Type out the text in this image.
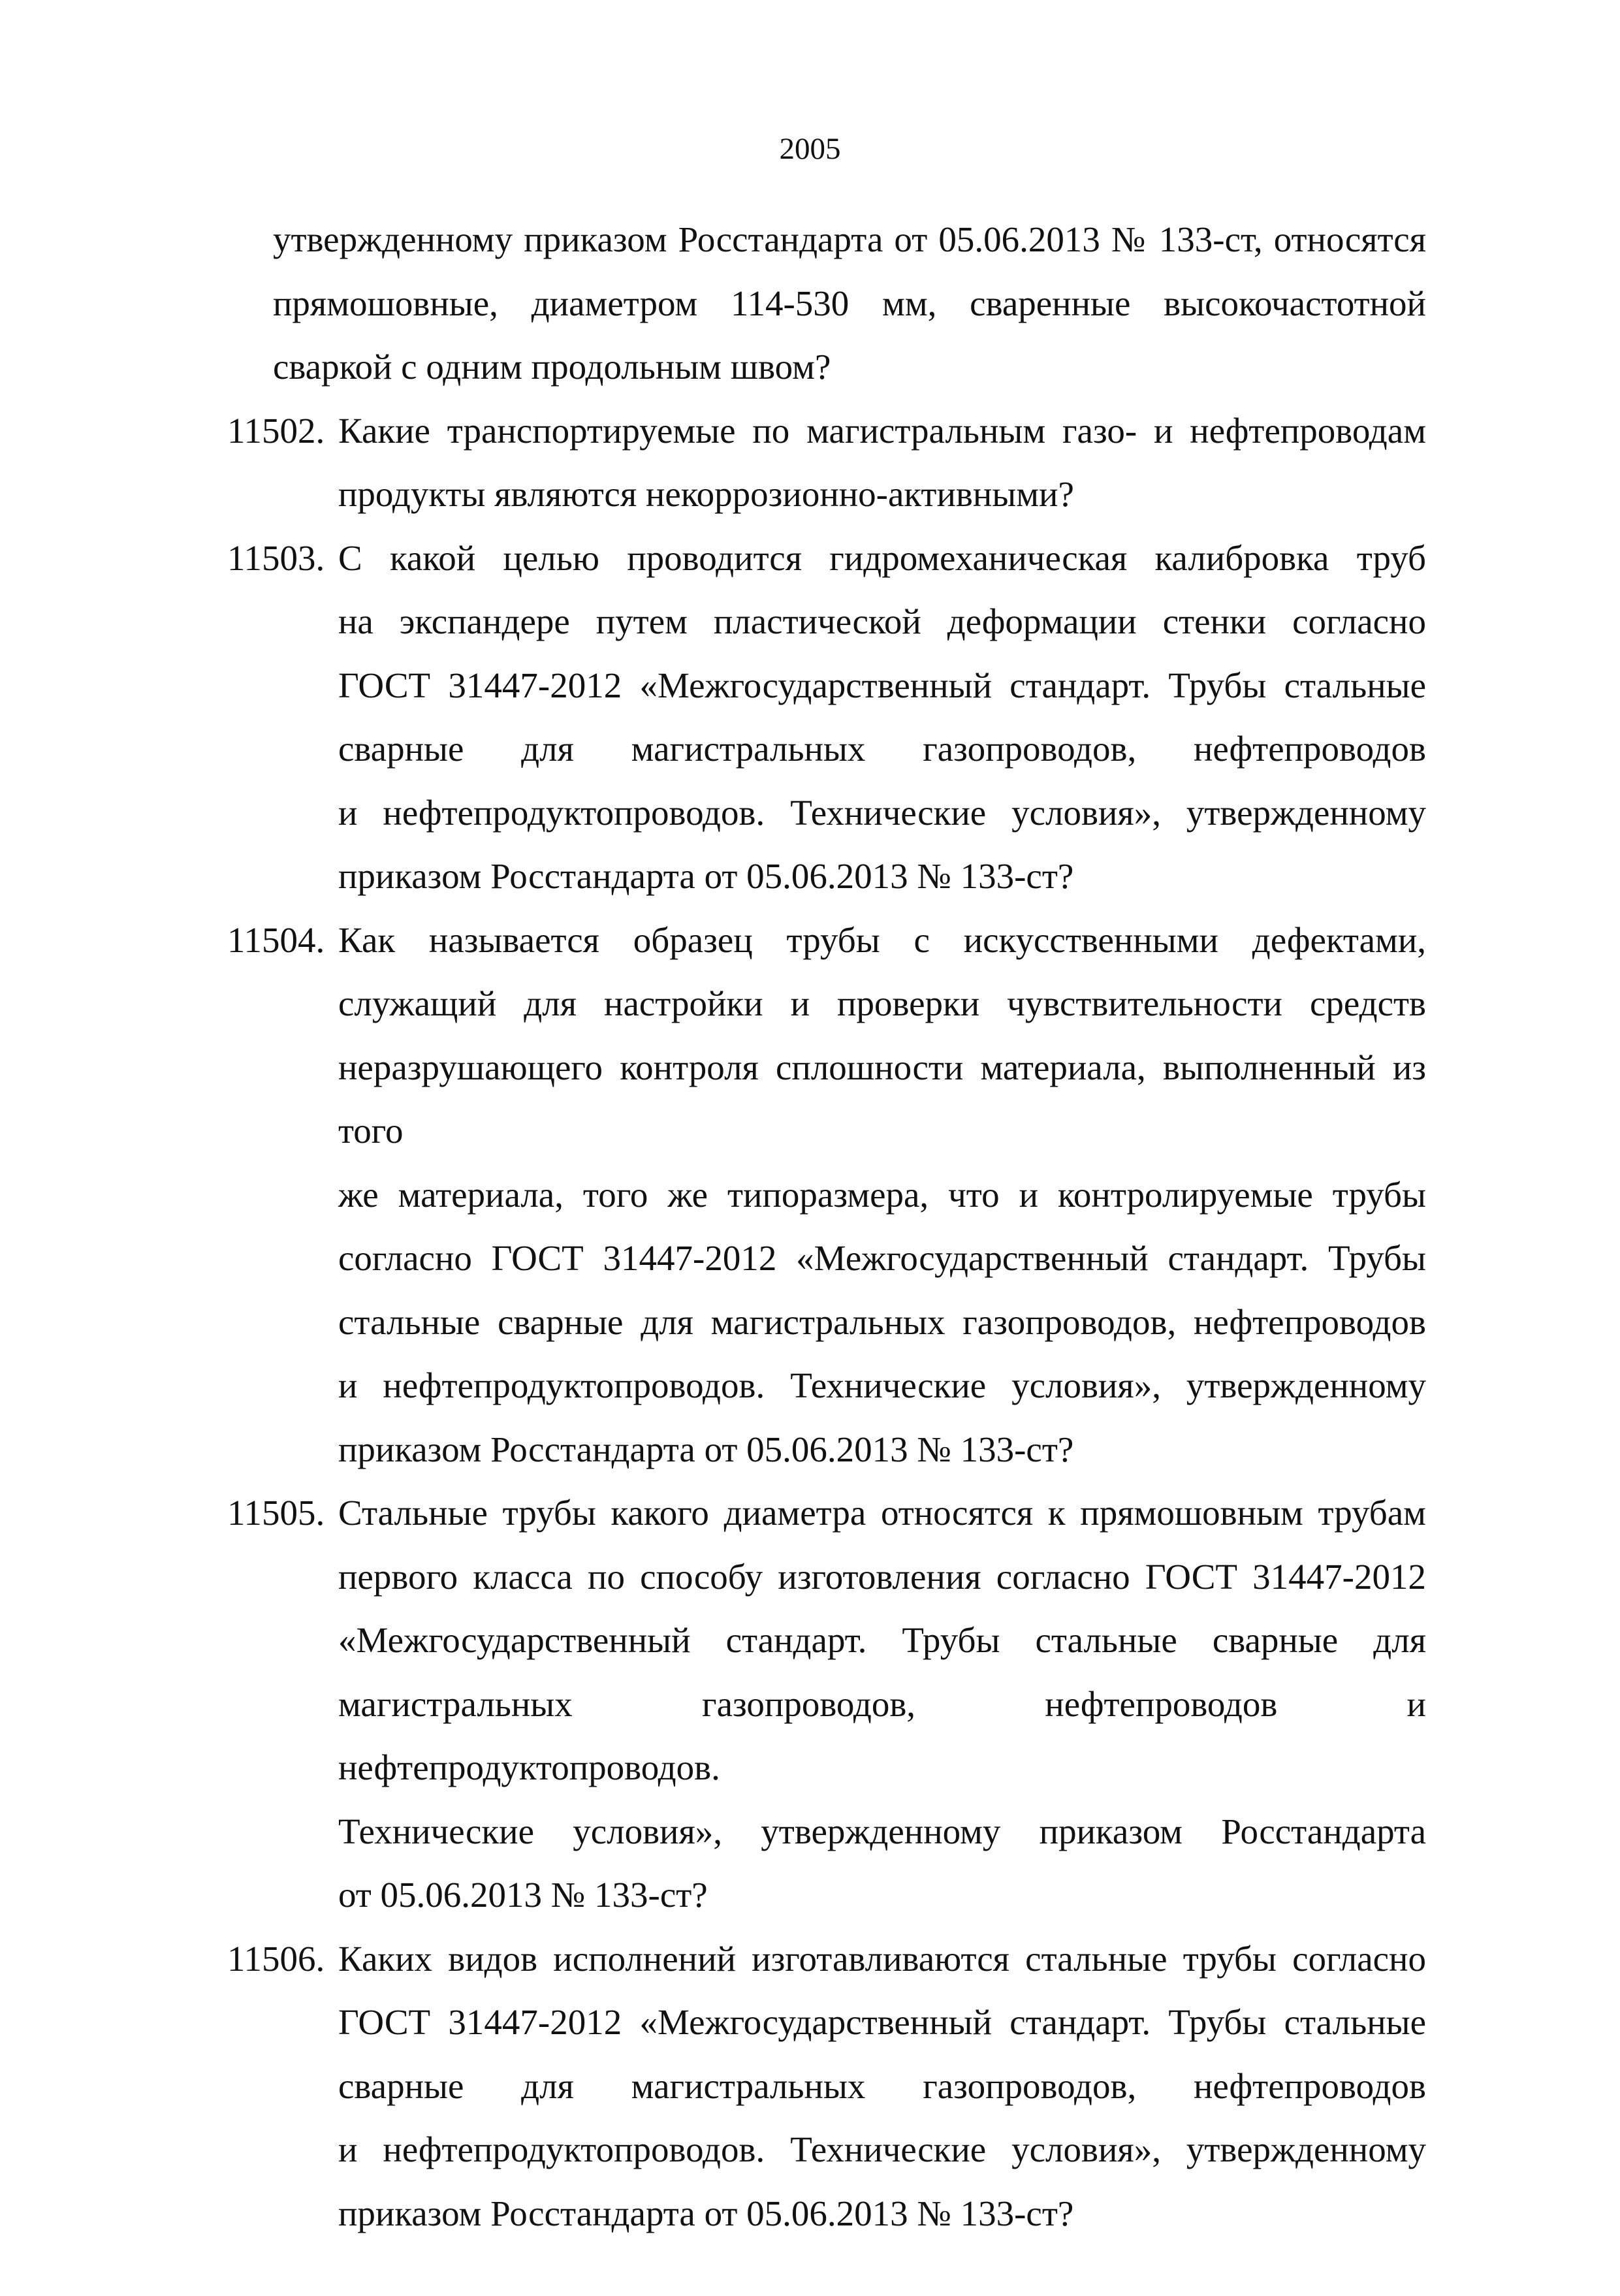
2005
утвержденному приказом Росстандарта от 05.06.2013 № 133-ст, относятся
прямошовные, диаметром 114-530 мм, сваренные высокочастотной
сваркой с одним продольным швом?
11502. Какие транспортируемые по магистральным газо- и нефтепроводам
продукты являются некоррозионно-активными?
11503. С какой целью проводится гидромеханическая калибровка труб
на экспандере путем пластической деформации стенки согласно
ГОСТ 31447-2012 «Межгосударственный стандарт. Трубы стальные
сварные для магистральных газопроводов, нефтепроводов
и нефтепродуктопроводов. Технические условия», утвержденному
приказом Росстандарта от 05.06.2013 № 133-ст?
11504. Как называется образец трубы с искусственными дефектами,
служащий для настройки и проверки чувствительности средств
неразрушающего контроля сплошности материала, выполненный из того
же материала, того же типоразмера, что и контролируемые трубы
согласно ГОСТ 31447-2012 «Межгосударственный стандарт. Трубы
стальные сварные для магистральных газопроводов, нефтепроводов
и нефтепродуктопроводов. Технические условия», утвержденному
приказом Росстандарта от 05.06.2013 № 133-ст?
11505. Стальные трубы какого диаметра относятся к прямошовным трубам
первого класса по способу изготовления согласно ГОСТ 31447-2012
«Межгосударственный стандарт. Трубы стальные сварные для
магистральных газопроводов, нефтепроводов и нефтепродуктопроводов.
Технические условия», утвержденному приказом Росстандарта
от 05.06.2013 № 133-ст?
11506. Каких видов исполнений изготавливаются стальные трубы согласно
ГОСТ 31447-2012 «Межгосударственный стандарт. Трубы стальные
сварные для магистральных газопроводов, нефтепроводов
и нефтепродуктопроводов. Технические условия», утвержденному
приказом Росстандарта от 05.06.2013 № 133-ст?
